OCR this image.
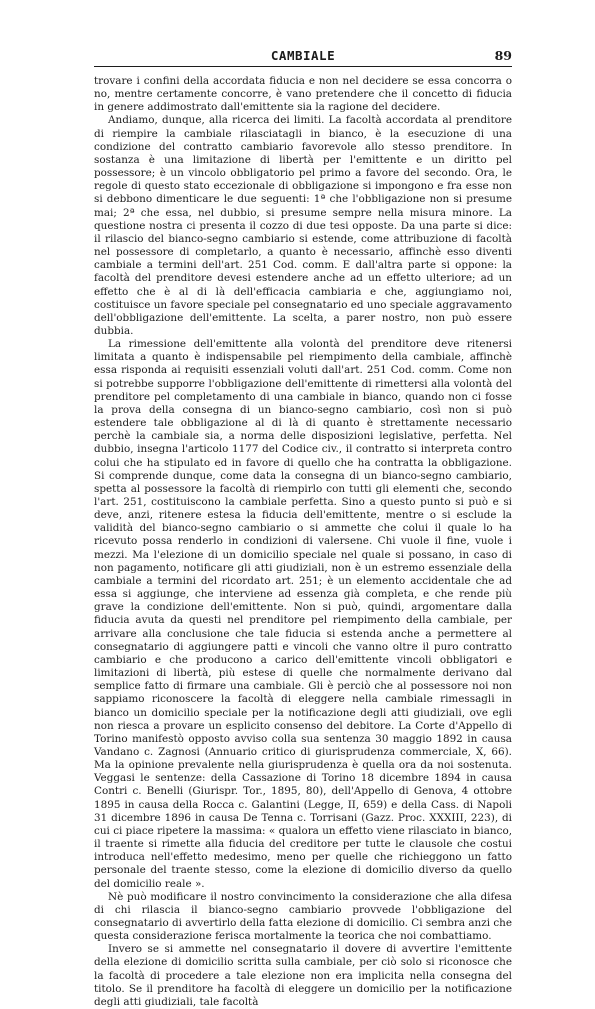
CAMBIALE	89

trovare i confini della accordata fiducia e non nel decidere se essa concorra o no, mentre certamente concorre, è vano pretendere che il concetto di fiducia in genere addimostrato dall'emittente sia la ragione del decidere.

Andiamo, dunque, alla ricerca dei limiti. La facoltà accordata al prenditore di riempire la cambiale rilasciatagli in bianco, è la esecuzione di una condizione del contratto cambiario favorevole allo stesso prenditore. In sostanza è una limitazione di libertà per l'emittente e un diritto pel possessore; è un vincolo obbligatorio pel primo a favore del secondo. Ora, le regole di questo stato eccezionale di obbligazione si impongono e fra esse non si debbono dimenticare le due seguenti: 1ª che l'obbligazione non si presume mai; 2ª che essa, nel dubbio, si presume sempre nella misura minore. La questione nostra ci presenta il cozzo di due tesi opposte. Da una parte si dice: il rilascio del bianco-segno cambiario si estende, come attribuzione di facoltà nel possessore di completarlo, a quanto è necessario, affinchè esso diventi cambiale a termini dell'art. 251 Cod. comm. E dall'altra parte si oppone: la facoltà del prenditore devesi estendere anche ad un effetto ulteriore; ad un effetto che è al di là dell'efficacia cambiaria e che, aggiungiamo noi, costituisce un favore speciale pel consegnatario ed uno speciale aggravamento dell'obbligazione dell'emittente. La scelta, a parer nostro, non può essere dubbia.

La rimessione dell'emittente alla volontà del prenditore deve ritenersi limitata a quanto è indispensabile pel riempimento della cambiale, affinchè essa risponda ai requisiti essenziali voluti dall'art. 251 Cod. comm. Come non si potrebbe supporre l'obbligazione dell'emittente di rimettersi alla volontà del prenditore pel completamento di una cambiale in bianco, quando non ci fosse la prova della consegna di un bianco-segno cambiario, così non si può estendere tale obbligazione al di là di quanto è strettamente necessario perchè la cambiale sia, a norma delle disposizioni legislative, perfetta. Nel dubbio, insegna l'articolo 1177 del Codice civ., il contratto si interpreta contro colui che ha stipulato ed in favore di quello che ha contratta la obbligazione. Si comprende dunque, come data la consegna di un bianco-segno cambiario, spetta al possessore la facoltà di riempirlo con tutti gli elementi che, secondo l'art. 251, costituiscono la cambiale perfetta. Sino a questo punto si può e si deve, anzi, ritenere estesa la fiducia dell'emittente, mentre o si esclude la validità del bianco-segno cambiario o si ammette che colui il quale lo ha ricevuto possa renderlo in condizioni di valersene. Chi vuole il fine, vuole i mezzi. Ma l'elezione di un domicilio speciale nel quale si possano, in caso di non pagamento, notificare gli atti giudiziali, non è un estremo essenziale della cambiale a termini del ricordato art. 251; è un elemento accidentale che ad essa si aggiunge, che interviene ad essenza già completa, e che rende più grave la condizione dell'emittente. Non si può, quindi, argomentare dalla fiducia avuta da questi nel prenditore pel riempimento della cambiale, per arrivare alla conclusione che tale fiducia si estenda anche a permettere al consegnatario di aggiungere patti e vincoli che vanno oltre il puro contratto cambiario e che producono a carico dell'emittente vincoli obbligatori e limitazioni di libertà, più estese di quelle che normalmente derivano dal semplice fatto di firmare una cambiale. Gli è perciò che al possessore noi non sappiamo riconoscere la facoltà di eleggere nella cambiale rimessagli in bianco un domicilio speciale per la notificazione degli atti giudiziali, ove egli non riesca a provare un esplicito consenso del debitore. La Corte d'Appello di Torino manifestò opposto avviso colla sua sentenza 30 maggio 1892 in causa Vandano c. Zagnosi (Annuario critico di giurisprudenza commerciale, X, 66). Ma la opinione prevalente nella giurisprudenza è quella ora da noi sostenuta. Veggasi le sentenze: della Cassazione di Torino 18 dicembre 1894 in causa Contri c. Benelli (Giurispr. Tor., 1895, 80), dell'Appello di Genova, 4 ottobre 1895 in causa della Rocca c. Galantini (Legge, II, 659) e della Cass. di Napoli 31 dicembre 1896 in causa De Tenna c. Torrisani (Gazz. Proc. XXXIII, 223), di cui ci piace ripetere la massima: « qualora un effetto viene rilasciato in bianco, il traente si rimette alla fiducia del creditore per tutte le clausole che costui introduca nell'effetto medesimo, meno per quelle che richieggono un fatto personale del traente stesso, come la elezione di domicilio diverso da quello del domicilio reale ».

Nè può modificare il nostro convincimento la considerazione che alla difesa di chi rilascia il bianco-segno cambiario provvede l'obbligazione del consegnatario di avvertirlo della fatta elezione di domicilio. Ci sembra anzi che questa considerazione ferisca mortalmente la teorica che noi combattiamo.

Invero se si ammette nel consegnatario il dovere di avvertire l'emittente della elezione di domicilio scritta sulla cambiale, per ciò solo si riconosce che la facoltà di procedere a tale elezione non era implicita nella consegna del titolo. Se il prenditore ha facoltà di eleggere un domicilio per la notificazione degli atti giudiziali, tale facoltà
